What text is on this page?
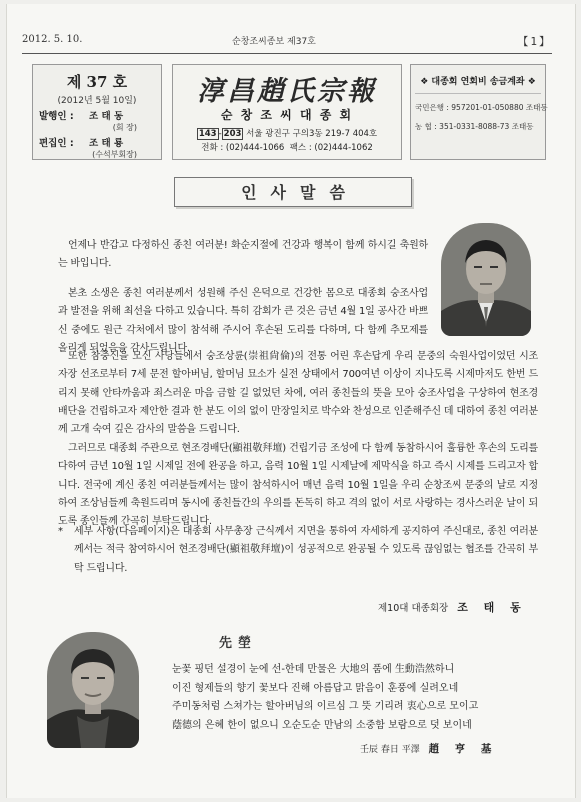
2012. 5. 10.	순창조씨종보 제37호	【1】
제 37 호
(2012년 5월 10일)
발행인 :	조 태 동
(회 장)
편집인 :	조 태 룡
(수석부회장)
淳昌趙氏宗報
순 창 조 씨 대 종 회
143 - 203 서울 광진구 구의3동 219-7 404호
전화 : (02)444-1066 팩스 : (02)444-1062
❖ 대종회 연회비 송금계좌 ❖
국민은행 : 957201-01-050880 조태동
농 협 : 351-0331-8088-73 조태동
인사말씀
언제나 반갑고 다정하신 종친 여러분! 화순지절에 건강과 행복이 함께 하시길 축원하는 바입니다.
본초 소생은 종친 여러분께서 성원해 주신 은덕으로 건강한 몸으로 대종회 숭조사업과 발전을 위해 최선을 다하고 있습니다. 특히 감회가 큰 것은 금년 4월 1일 공사간 바쁘신 중에도 원근 각처에서 많이 참석해 주시어 후손된 도리를 다하며, 다 함께 추모제를 올리게 되었음을 감사드립니다.
또한 참충신을 모신 사당들에서 숭조상륜(崇祖尙倫)의 전통 어린 후손답게 우리 문중의 숙원사업이었던 시조 자장 선조로부터 7세 문전 할아버님, 할머님 묘소가 실전 상태에서 700여년 이상이 지나도록 시제마저도 한번 드리지 못해 안타까움과 죄스러운 마음 금할 길 없었던 차에, 여러 종친들의 뜻을 모아 숭조사업을 구상하여 현조경배단을 건립하고자 제안한 결과 한 분도 이의 없이 만장일치로 박수와 찬성으로 인준해주신 데 대하여 종친 여러분께 고개 숙여 깊은 감사의 말씀을 드립니다.
그러므로 대종회 주관으로 현조경배단(顯祖敬拜壇) 건립기금 조성에 다 함께 동참하시어 훌륭한 후손의 도리를 다하여 금년 10월 1일 시제일 전에 완공을 하고, 음력 10월 1일 시제날에 제막식을 하고 즉시 시제를 드리고자 합니다. 전국에 계신 종친 여러분들께서는 많이 참석하시어 매년 음력 10월 1일을 우리 순창조씨 문중의 날로 지정하여 조상님들께 축원드리며 동시에 종친들간의 우의를 돈독히 하고 격의 없이 서로 사랑하는 경사스러운 날이 되도록 종인들께 간곡히 부탁드립니다.
*	세부 사항(다음페이지)은 대종회 사무총장 근식께서 지면을 통하여 자세하게 공지하여 주신대로, 종친 여러분께서는 적극 참여하시어 현조경배단(顯祖敬拜壇)이 성공적으로 완공될 수 있도록 끊임없는 협조를 간곡히 부탁 드립니다.
제10대 대종회장 조 태 동
先塋
눈꽃 핑던 설경이 눈에 선-한데 만물은 大地의 품에 生動浩然하니
이진 형제들의 향기 꽃보다 진해 아름답고 맑음이 훈풍에 실려오네
주미동처럼 스쳐가는 할아버님의 이르심 그 뜻 기리려 衷心으로 모이고
蔭德의 은혜 한이 없으니 오순도순 만남의 소중함 보람으로 덧 보이네
壬辰 春日 平澤 趙 亨 基
